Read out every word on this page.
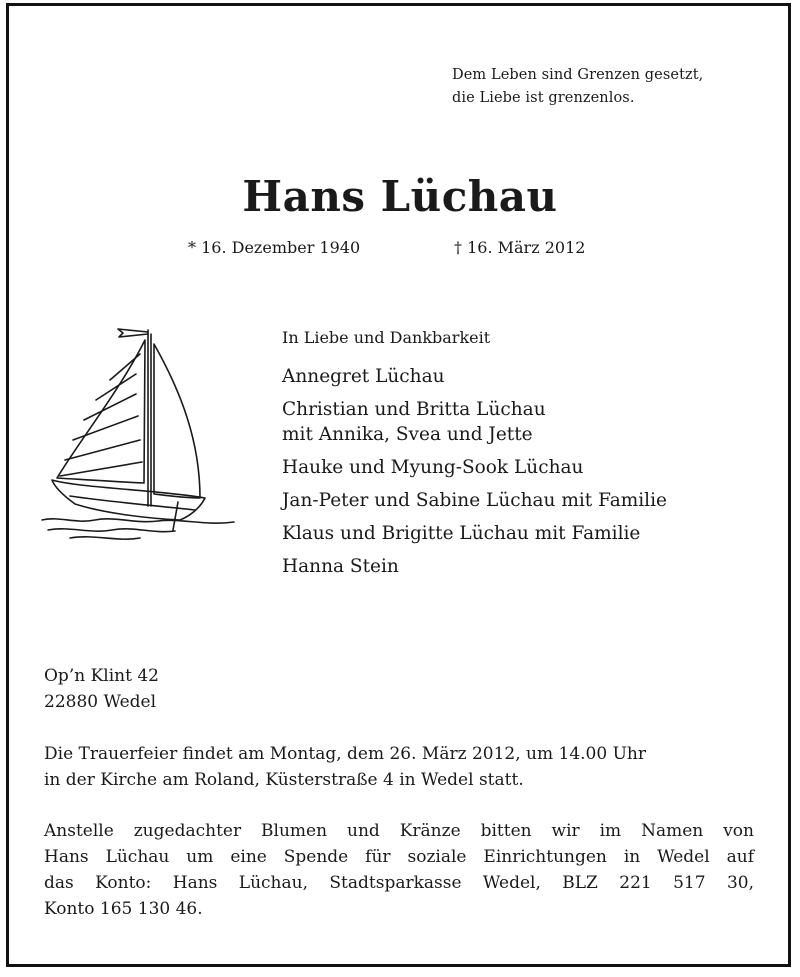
Dem Leben sind Grenzen gesetzt,
die Liebe ist grenzenlos.
Hans Lüchau
* 16. Dezember 1940	† 16. März 2012
In Liebe und Dankbarkeit
Annegret Lüchau
Christian und Britta Lüchau
mit Annika, Svea und Jette
Hauke und Myung-Sook Lüchau
Jan-Peter und Sabine Lüchau mit Familie
Klaus und Brigitte Lüchau mit Familie
Hanna Stein
Op’n Klint 42
22880 Wedel
Die Trauerfeier findet am Montag, dem 26. März 2012, um 14.00 Uhr
in der Kirche am Roland, Küsterstraße 4 in Wedel statt.
Anstelle zugedachter Blumen und Kränze bitten wir im Namen von
Hans Lüchau um eine Spende für soziale Einrichtungen in Wedel auf
das Konto: Hans Lüchau, Stadtsparkasse Wedel, BLZ 221 517 30,
Konto 165 130 46.
